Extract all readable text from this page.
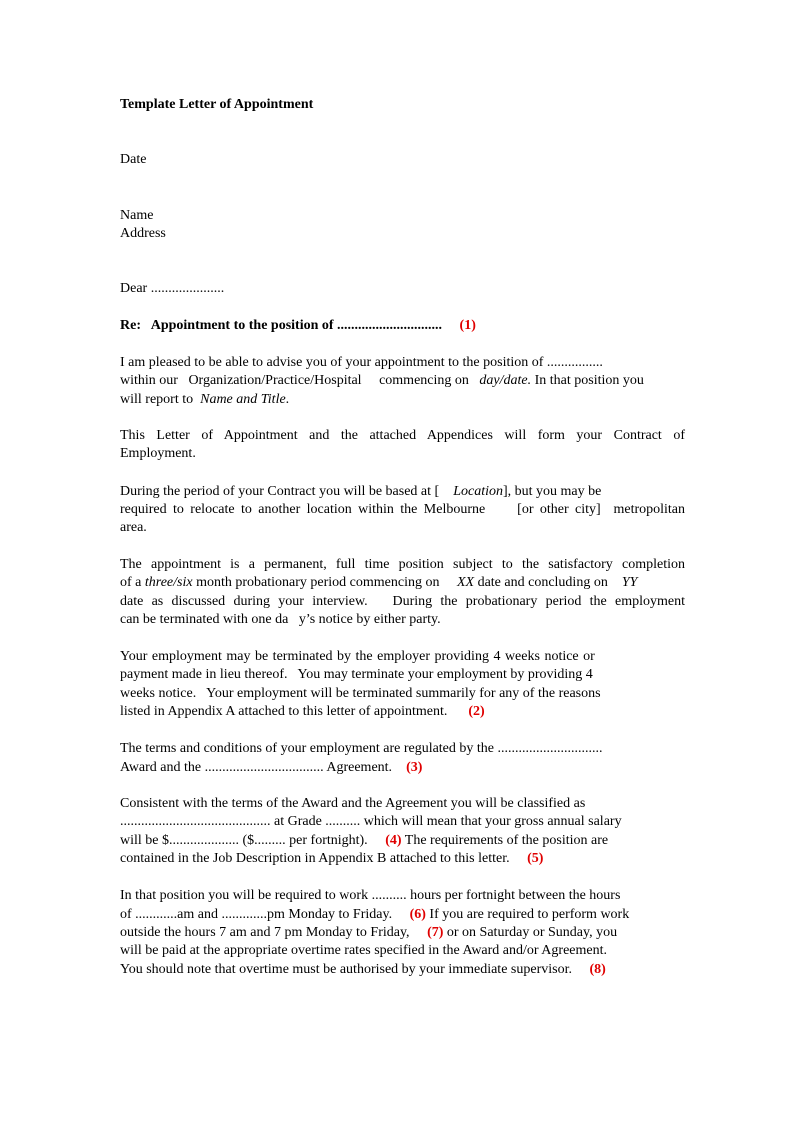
Template Letter of Appointment
Date
Name
Address
Dear .....................
Re: Appointment to the position of .............................. (1)
I am pleased to be able to advise you of your appointment to the position of ................
within our   Organization/Practice/Hospital     commencing on   day/date. In that position you
will report to  Name and Title.
This Letter of Appointment and the attached Appendices will form your Contract of
Employment.
During the period of your Contract you will be based at [    Location], but you may be
required to relocate to another location within the Melbourne     [or other city]  metropolitan
area.
The appointment is a permanent, full time position subject to the satisfactory completion
of a three/six month probationary period commencing on     XX date and concluding on    YY
date as discussed during your interview.   During the probationary period the employment
can be terminated with one da   y’s notice by either party.
Your employment may be terminated by the employer providing 4 weeks notice or
payment made in lieu thereof.   You may terminate your employment by providing 4
weeks notice.   Your employment will be terminated summarily for any of the reasons
listed in Appendix A attached to this letter of appointment. (2)
The terms and conditions of your employment are regulated by the ..............................
Award and the .................................. Agreement. (3)
Consistent with the terms of the Award and the Agreement you will be classified as
........................................... at Grade .......... which will mean that your gross annual salary
will be $.................... ($......... per fortnight). (4) The requirements of the position are
contained in the Job Description in Appendix B attached to this letter. (5)
In that position you will be required to work .......... hours per fortnight between the hours
of ............am and .............pm Monday to Friday. (6) If you are required to perform work
outside the hours 7 am and 7 pm Monday to Friday, (7) or on Saturday or Sunday, you
will be paid at the appropriate overtime rates specified in the Award and/or Agreement.
You should note that overtime must be authorised by your immediate supervisor. (8)
